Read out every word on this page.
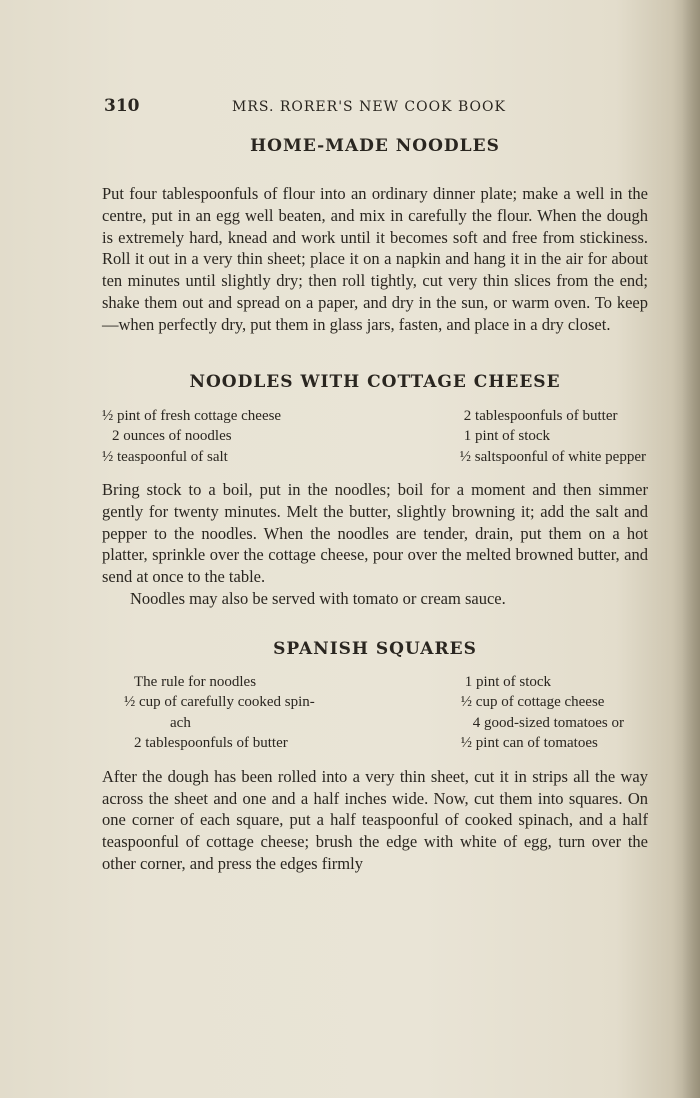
310	MRS. RORER'S NEW COOK BOOK
HOME-MADE NOODLES

Put four tablespoonfuls of flour into an ordinary dinner plate; make a well in the centre, put in an egg well beaten, and mix in carefully the flour. When the dough is extremely hard, knead and work until it becomes soft and free from stickiness. Roll it out in a very thin sheet; place it on a napkin and hang it in the air for about ten minutes until slightly dry; then roll tightly, cut very thin slices from the end; shake them out and spread on a paper, and dry in the sun, or warm oven. To keep—when perfectly dry, put them in glass jars, fasten, and place in a dry closet.

NOODLES WITH COTTAGE CHEESE
½ pint of fresh cottage cheese
2 ounces of noodles
½ teaspoonful of salt
2 tablespoonfuls of butter
1 pint of stock
½ saltspoonful of white pepper

Bring stock to a boil, put in the noodles; boil for a moment and then simmer gently for twenty minutes. Melt the butter, slightly browning it; add the salt and pepper to the noodles. When the noodles are tender, drain, put them on a hot platter, sprinkle over the cottage cheese, pour over the melted browned butter, and send at once to the table.

Noodles may also be served with tomato or cream sauce.

SPANISH SQUARES
The rule for noodles
½ cup of carefully cooked spin-
ach
2 tablespoonfuls of butter
1 pint of stock
½ cup of cottage cheese
4 good-sized tomatoes or
½ pint can of tomatoes

After the dough has been rolled into a very thin sheet, cut it in strips all the way across the sheet and one and a half inches wide. Now, cut them into squares. On one corner of each square, put a half teaspoonful of cooked spinach, and a half teaspoonful of cottage cheese; brush the edge with white of egg, turn over the other corner, and press the edges firmly
